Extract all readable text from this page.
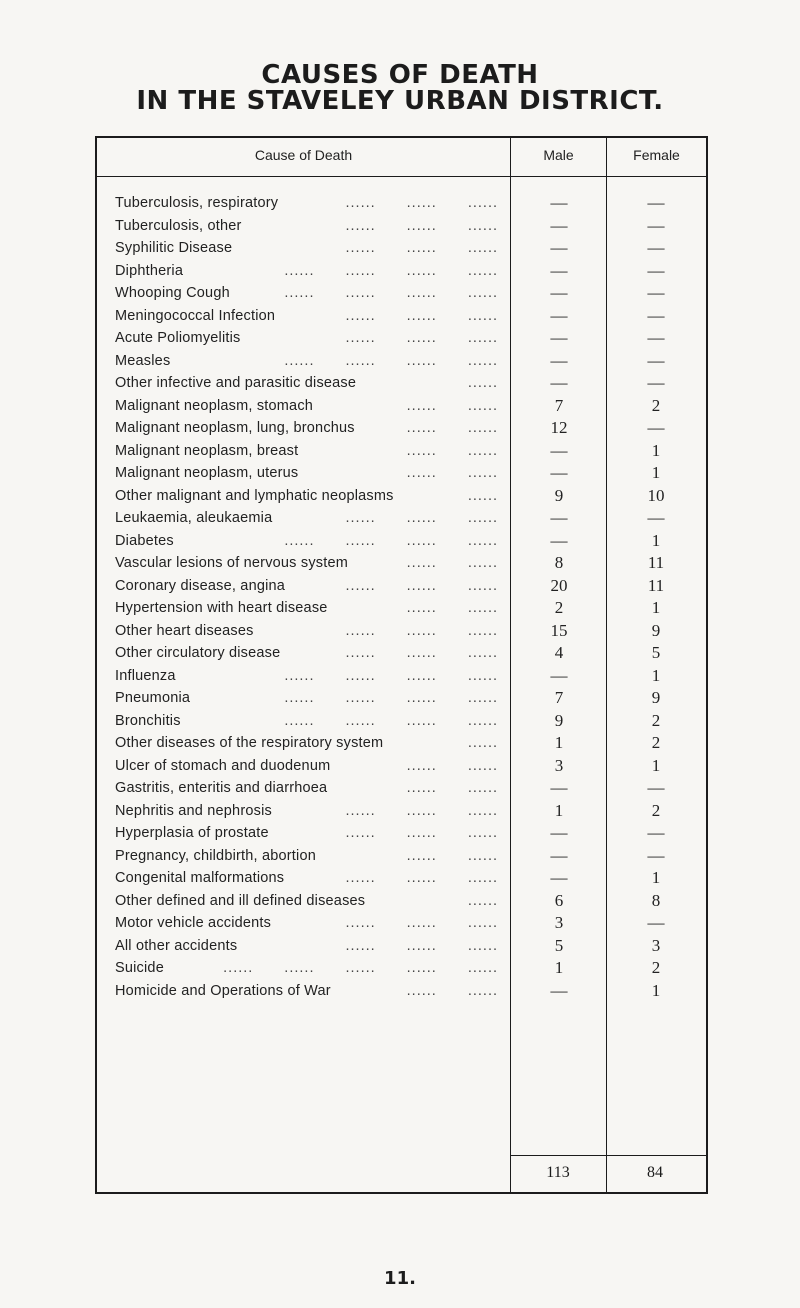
CAUSES OF DEATH
IN THE STAVELEY URBAN DISTRICT.
Cause of Death	Male	Female
Tuberculosis, respiratory	......  ......  ......	—	—
Tuberculosis, other	......  ......  ......	—	—
Syphilitic Disease	......  ......  ......	—	—
Diphtheria	......  ......  ......  ......	—	—
Whooping Cough	......  ......  ......  ......	—	—
Meningococcal Infection	......  ......  ......	—	—
Acute Poliomyelitis	......  ......  ......	—	—
Measles	......  ......  ......  ......	—	—
Other infective and parasitic disease	......	—	—
Malignant neoplasm, stomach	......  ......	7	2
Malignant neoplasm, lung, bronchus	......  ......	12	—
Malignant neoplasm, breast	......  ......	—	1
Malignant neoplasm, uterus	......  ......	—	1
Other malignant and lymphatic neoplasms	......	9	10
Leukaemia, aleukaemia	......  ......  ......	—	—
Diabetes	......  ......  ......  ......	—	1
Vascular lesions of nervous system	......  ......	8	11
Coronary disease, angina	......  ......  ......	20	11
Hypertension with heart disease	......  ......	2	1
Other heart diseases	......  ......  ......	15	9
Other circulatory disease	......  ......  ......	4	5
Influenza	......  ......  ......  ......	—	1
Pneumonia	......  ......  ......  ......	7	9
Bronchitis	......  ......  ......  ......	9	2
Other diseases of the respiratory system	......	1	2
Ulcer of stomach and duodenum	......  ......	3	1
Gastritis, enteritis and diarrhoea	......  ......	—	—
Nephritis and nephrosis	......  ......  ......	1	2
Hyperplasia of prostate	......  ......  ......	—	—
Pregnancy, childbirth, abortion	......  ......	—	—
Congenital malformations	......  ......  ......	—	1
Other defined and ill defined diseases	......	6	8
Motor vehicle accidents	......  ......  ......	3	—
All other accidents	......  ......  ......	5	3
Suicide	......  ......  ......  ......  ......	1	2
Homicide and Operations of War	......  ......	—	1
113	84
11.
